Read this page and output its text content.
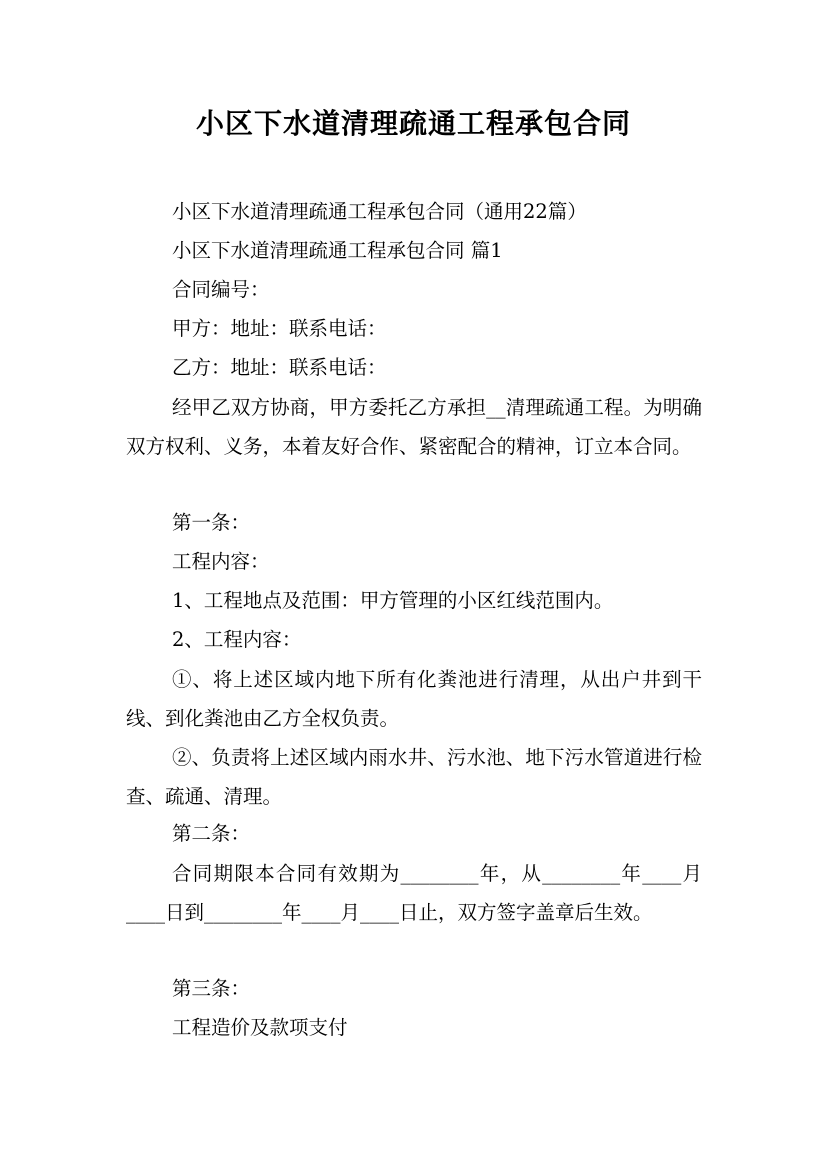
小区下水道清理疏通工程承包合同
小区下水道清理疏通工程承包合同（通用22篇）
小区下水道清理疏通工程承包合同 篇1
合同编号：
甲方：地址：联系电话：
乙方：地址：联系电话：
经甲乙双方协商，甲方委托乙方承担__清理疏通工程。为明确双方权利、义务，本着友好合作、紧密配合的精神，订立本合同。
第一条：
工程内容：
1、工程地点及范围：甲方管理的小区红线范围内。
2、工程内容：
①、将上述区域内地下所有化粪池进行清理，从出户井到干线、到化粪池由乙方全权负责。
②、负责将上述区域内雨水井、污水池、地下污水管道进行检查、疏通、清理。
第二条：
合同期限本合同有效期为________年，从________年____月____日到________年____月____日止，双方签字盖章后生效。
第三条：
工程造价及款项支付
